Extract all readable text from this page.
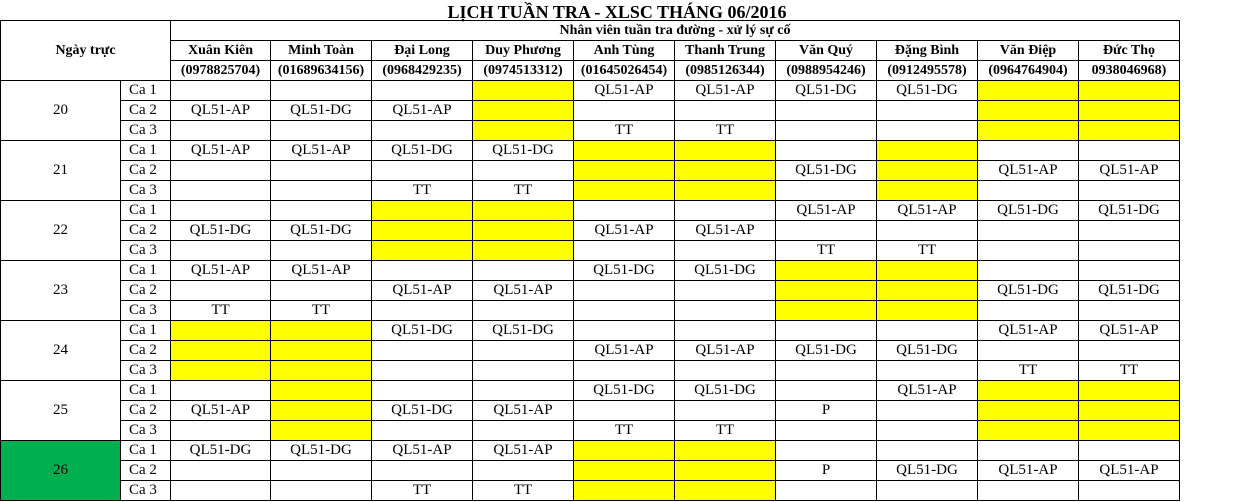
LỊCH TUẦN TRA - XLSC THÁNG 06/2016
Ngày trực		Nhân viên tuần tra đường - xử lý sự cố									
		Xuân Kiên	Minh Toàn	Đại Long	Duy Phương	Anh Tùng	Thanh Trung	Văn Quý	Đặng Bình	Văn Điệp	Đức Thọ
		(0978825704)	(01689634156)	(0968429235)	(0974513312)	(01645026454)	(0985126344)	(0988954246)	(0912495578)	(0964764904)	0938046968)
20	Ca 1					QL51-AP	QL51-AP	QL51-DG	QL51-DG		
	Ca 2	QL51-AP	QL51-DG	QL51-AP							
	Ca 3					TT	TT				
21	Ca 1	QL51-AP	QL51-AP	QL51-DG	QL51-DG						
	Ca 2							QL51-DG		QL51-AP	QL51-AP
	Ca 3			TT	TT						
22	Ca 1							QL51-AP	QL51-AP	QL51-DG	QL51-DG
	Ca 2	QL51-DG	QL51-DG			QL51-AP	QL51-AP				
	Ca 3							TT	TT		
23	Ca 1	QL51-AP	QL51-AP			QL51-DG	QL51-DG				
	Ca 2			QL51-AP	QL51-AP					QL51-DG	QL51-DG
	Ca 3	TT	TT								
24	Ca 1			QL51-DG	QL51-DG					QL51-AP	QL51-AP
	Ca 2					QL51-AP	QL51-AP	QL51-DG	QL51-DG		
	Ca 3									TT	TT
25	Ca 1					QL51-DG	QL51-DG		QL51-AP		
	Ca 2	QL51-AP		QL51-DG	QL51-AP			P			
	Ca 3					TT	TT				
26	Ca 1	QL51-DG	QL51-DG	QL51-AP	QL51-AP						
	Ca 2							P	QL51-DG	QL51-AP	QL51-AP
	Ca 3			TT	TT						
